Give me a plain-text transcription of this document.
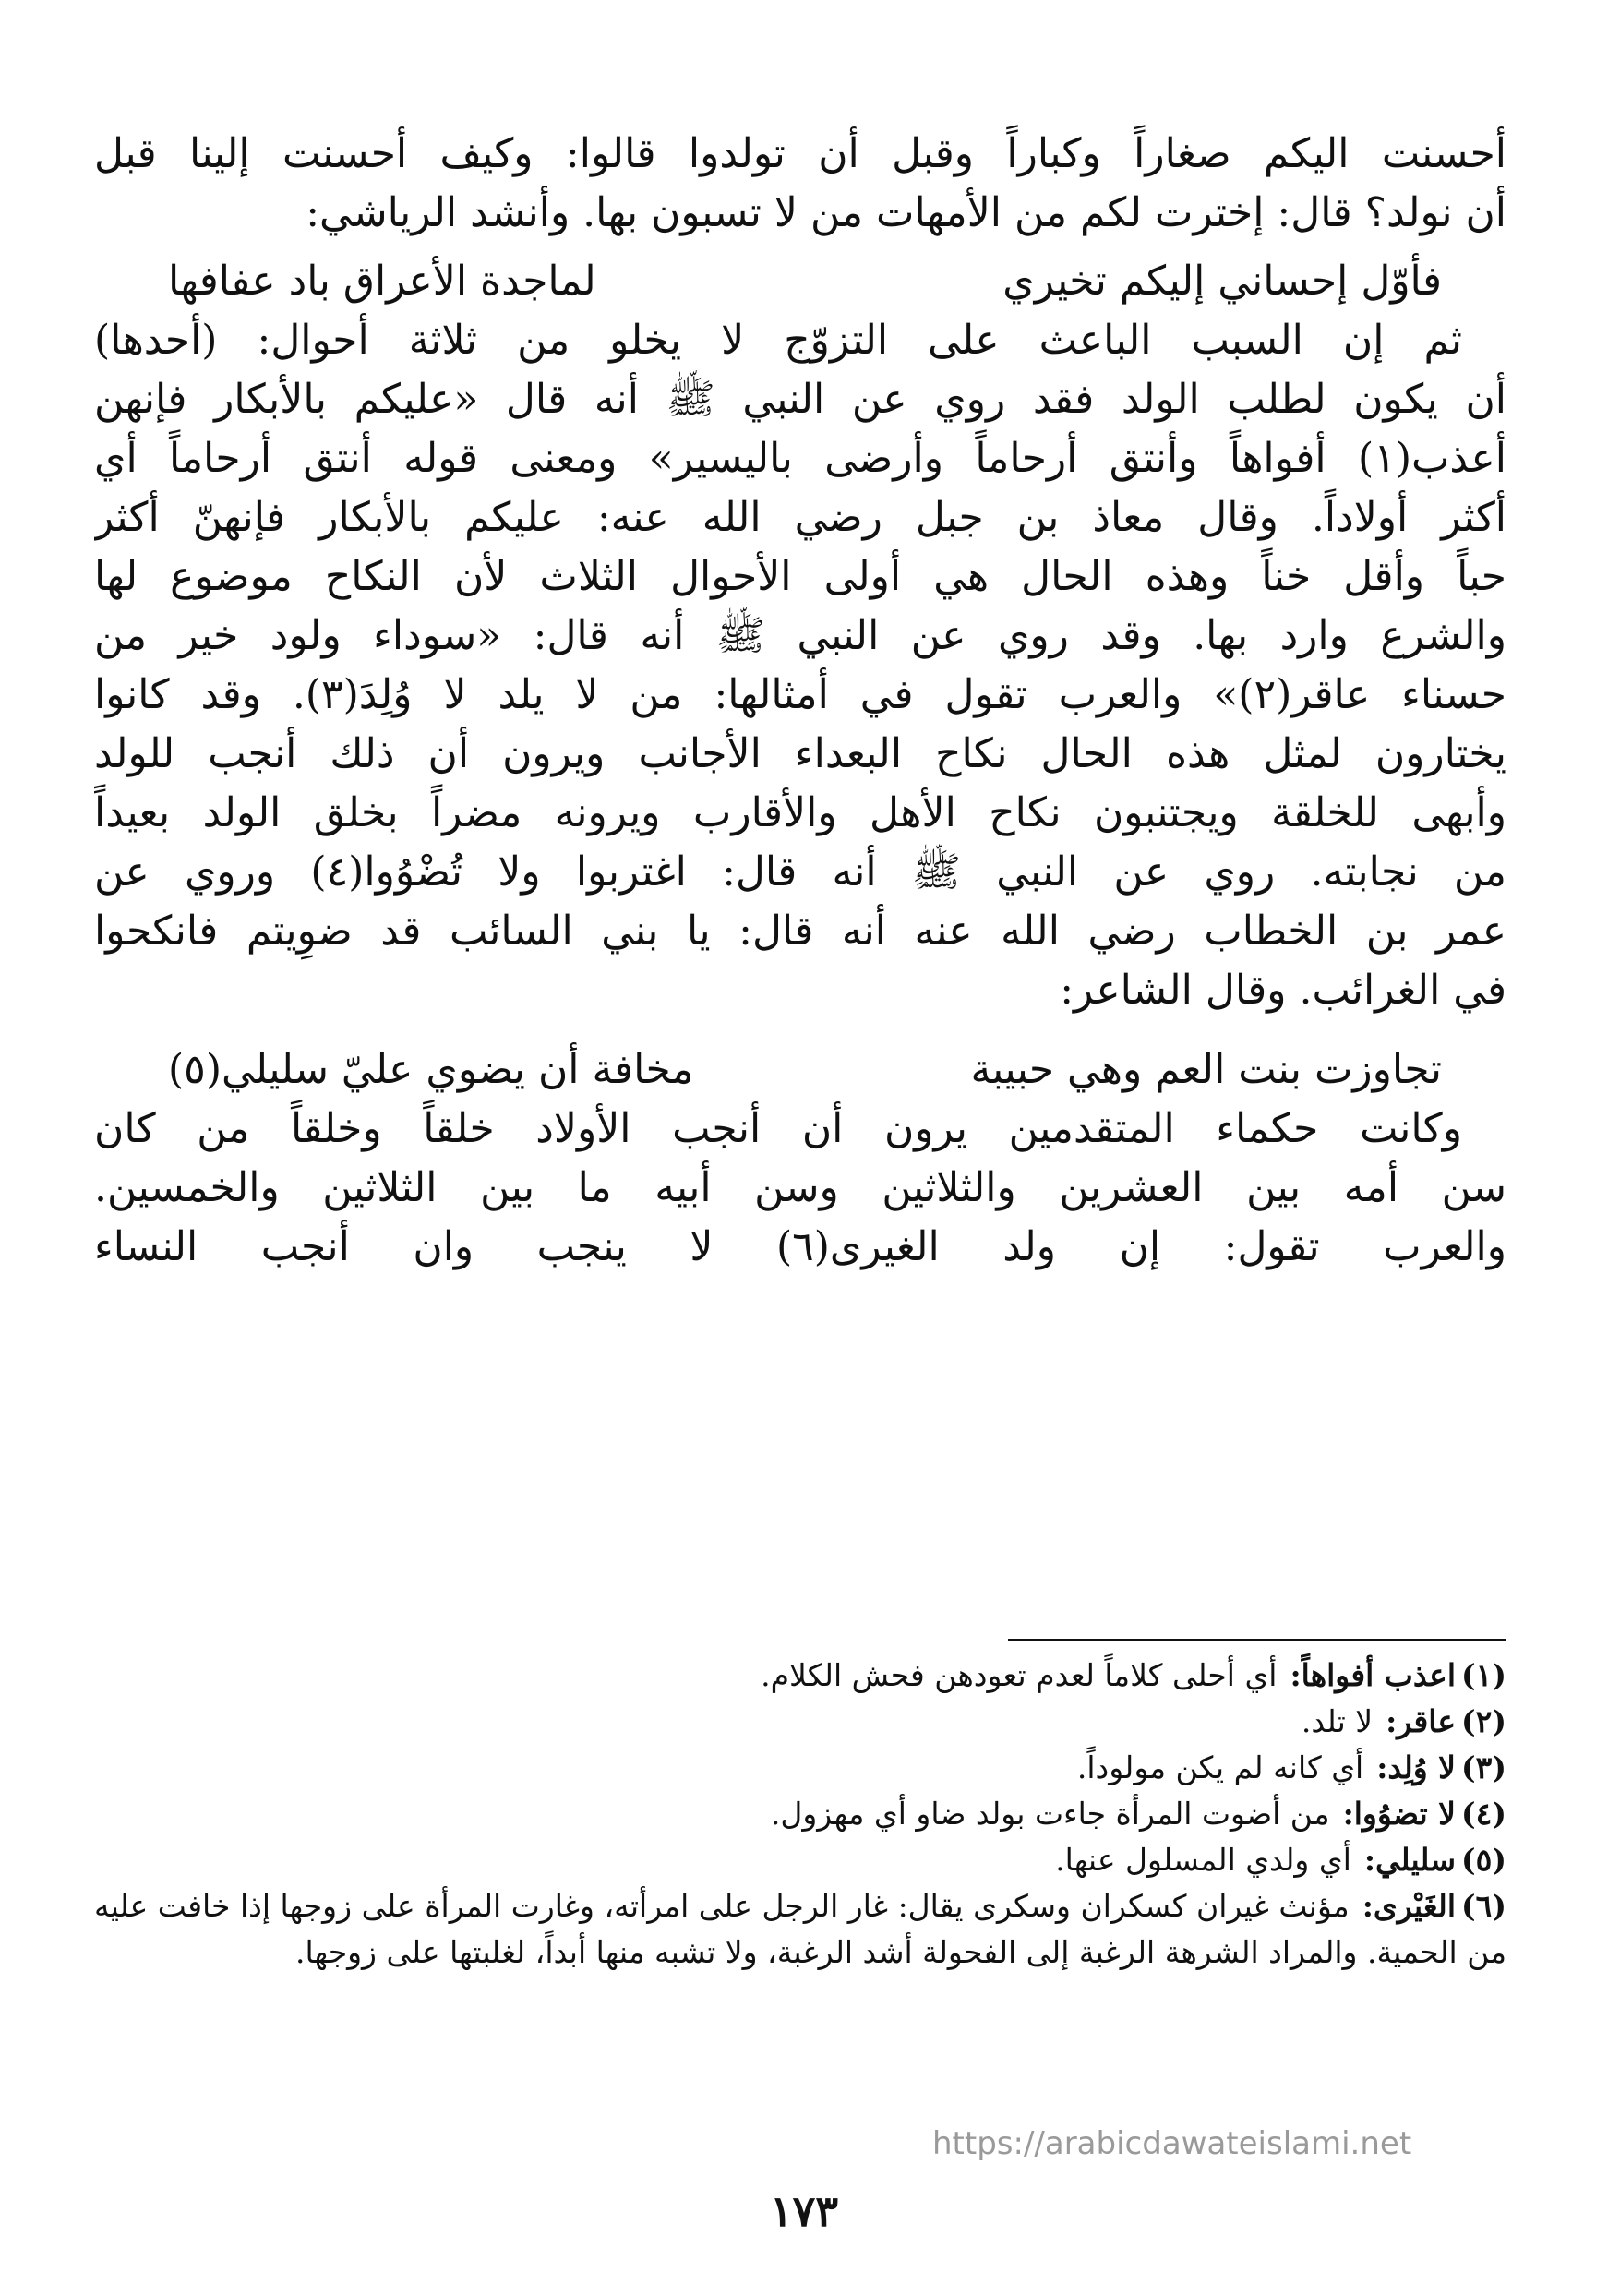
أحسنت اليكم صغاراً وكباراً وقبل أن تولدوا قالوا: وكيف أحسنت إلينا قبل
أن نولد؟ قال: إخترت لكم من الأمهات من لا تسبون بها. وأنشد الرياشي:
فأوّل إحساني إليكم تخيري
لماجدة الأعراق باد عفافها
ثم إن السبب الباعث على التزوّج لا يخلو من ثلاثة أحوال: (أحدها)
أن يكون لطلب الولد فقد روي عن النبي ﷺ أنه قال «عليكم بالأبكار فإنهن
أعذب(١) أفواهاً وأنتق أرحاماً وأرضى باليسير» ومعنى قوله أنتق أرحاماً أي
أكثر أولاداً. وقال معاذ بن جبل رضي الله عنه: عليكم بالأبكار فإنهنّ أكثر
حباً وأقل خناً وهذه الحال هي أولى الأحوال الثلاث لأن النكاح موضوع لها
والشرع وارد بها. وقد روي عن النبي ﷺ أنه قال: «سوداء ولود خير من
حسناء عاقر(٢)» والعرب تقول في أمثالها: من لا يلد لا وُلِدَ(٣). وقد كانوا
يختارون لمثل هذه الحال نكاح البعداء الأجانب ويرون أن ذلك أنجب للولد
وأبهى للخلقة ويجتنبون نكاح الأهل والأقارب ويرونه مضراً بخلق الولد بعيداً
من نجابته. روي عن النبي ﷺ أنه قال: اغتربوا ولا تُضْوُوا(٤) وروي عن
عمر بن الخطاب رضي الله عنه أنه قال: يا بني السائب قد ضوِيتم فانكحوا
في الغرائب. وقال الشاعر:
تجاوزت بنت العم وهي حبيبة
مخافة أن يضوي عليّ سليلي(٥)
وكانت حكماء المتقدمين يرون أن أنجب الأولاد خلقاً وخلقاً من كان
سن أمه بين العشرين والثلاثين وسن أبيه ما بين الثلاثين والخمسين.
والعرب تقول: إن ولد الغيرى(٦) لا ينجب وان أنجب النساء
(١)اعذب أفواهاً:أي أحلى كلاماً لعدم تعودهن فحش الكلام.
(٢)عاقر:لا تلد.
(٣)لا وُلِد:أي كانه لم يكن مولوداً.
(٤)لا تضوُوا:من أضوت المرأة جاءت بولد ضاو أي مهزول.
(٥)سليلي:أي ولدي المسلول عنها.
(٦)الغَيْرى:مؤنث غيران كسكران وسكرى يقال: غار الرجل على امرأته، وغارت المرأة على زوجها إذا خافت عليه من الحمية. والمراد الشرهة الرغبة إلى الفحولة أشد الرغبة، ولا تشبه منها أبداً، لغلبتها على زوجها.
https://arabicdawateislami.net
١٧٣
